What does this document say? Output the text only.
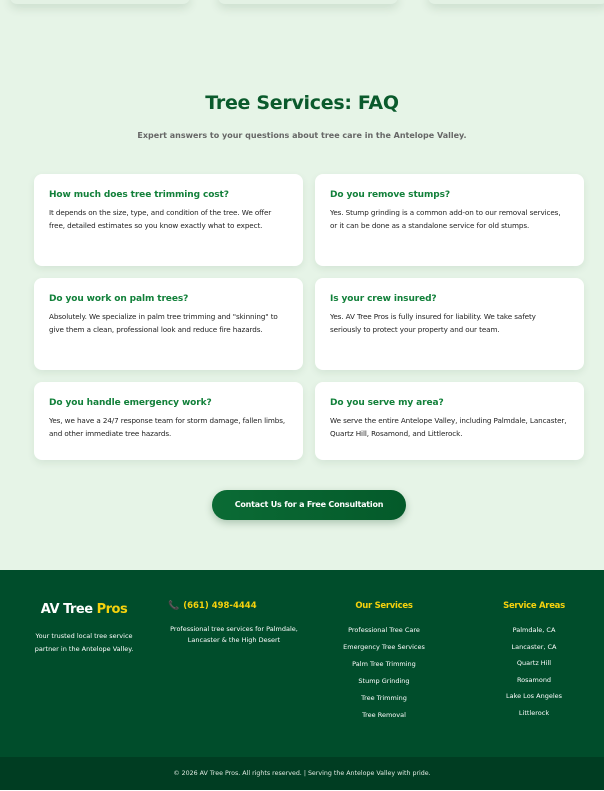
Tree Services: FAQ

Expert answers to your questions about tree care in the Antelope Valley.

How much does tree trimming cost?

It depends on the size, type, and condition of the tree. We offer free, detailed estimates so you know exactly what to expect.

Do you remove stumps?

Yes. Stump grinding is a common add-on to our removal services, or it can be done as a standalone service for old stumps.

Do you work on palm trees?

Absolutely. We specialize in palm tree trimming and "skinning" to give them a clean, professional look and reduce fire hazards.

Is your crew insured?

Yes. AV Tree Pros is fully insured for liability. We take safety seriously to protect your property and our team.

Do you handle emergency work?

Yes, we have a 24/7 response team for storm damage, fallen limbs, and other immediate tree hazards.

Do you serve my area?

We serve the entire Antelope Valley, including Palmdale, Lancaster, Quartz Hill, Rosamond, and Littlerock.

Contact Us for a Free Consultation
AV Tree Pros

Your trusted local tree service partner in the Antelope Valley.

📞 (661) 498-4444

Professional tree services for Palmdale, Lancaster & the High Desert

Our Services
Professional Tree Care
Emergency Tree Services
Palm Tree Trimming
Stump Grinding
Tree Trimming
Tree Removal
Service Areas
Palmdale, CA
Lancaster, CA
Quartz Hill
Rosamond
Lake Los Angeles
Littlerock
© 2026 AV Tree Pros. All rights reserved. | Serving the Antelope Valley with pride.
